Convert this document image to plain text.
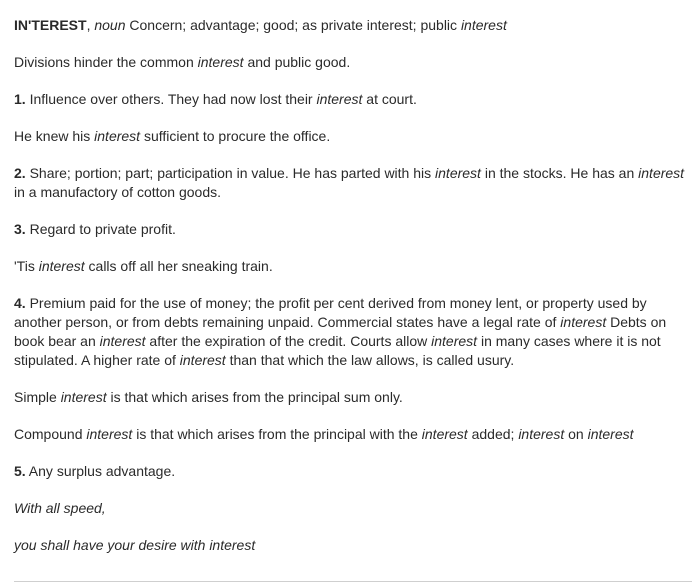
IN'TEREST, noun Concern; advantage; good; as private interest; public interest

Divisions hinder the common interest and public good.

1. Influence over others. They had now lost their interest at court.

He knew his interest sufficient to procure the office.

2. Share; portion; part; participation in value. He has parted with his interest in the stocks. He has an interest in a manufactory of cotton goods.

3. Regard to private profit.

'Tis interest calls off all her sneaking train.

4. Premium paid for the use of money; the profit per cent derived from money lent, or property used by another person, or from debts remaining unpaid. Commercial states have a legal rate of interest Debts on book bear an interest after the expiration of the credit. Courts allow interest in many cases where it is not stipulated. A higher rate of interest than that which the law allows, is called usury.

Simple interest is that which arises from the principal sum only.

Compound interest is that which arises from the principal with the interest added; interest on interest

5. Any surplus advantage.

With all speed,

you shall have your desire with interest
